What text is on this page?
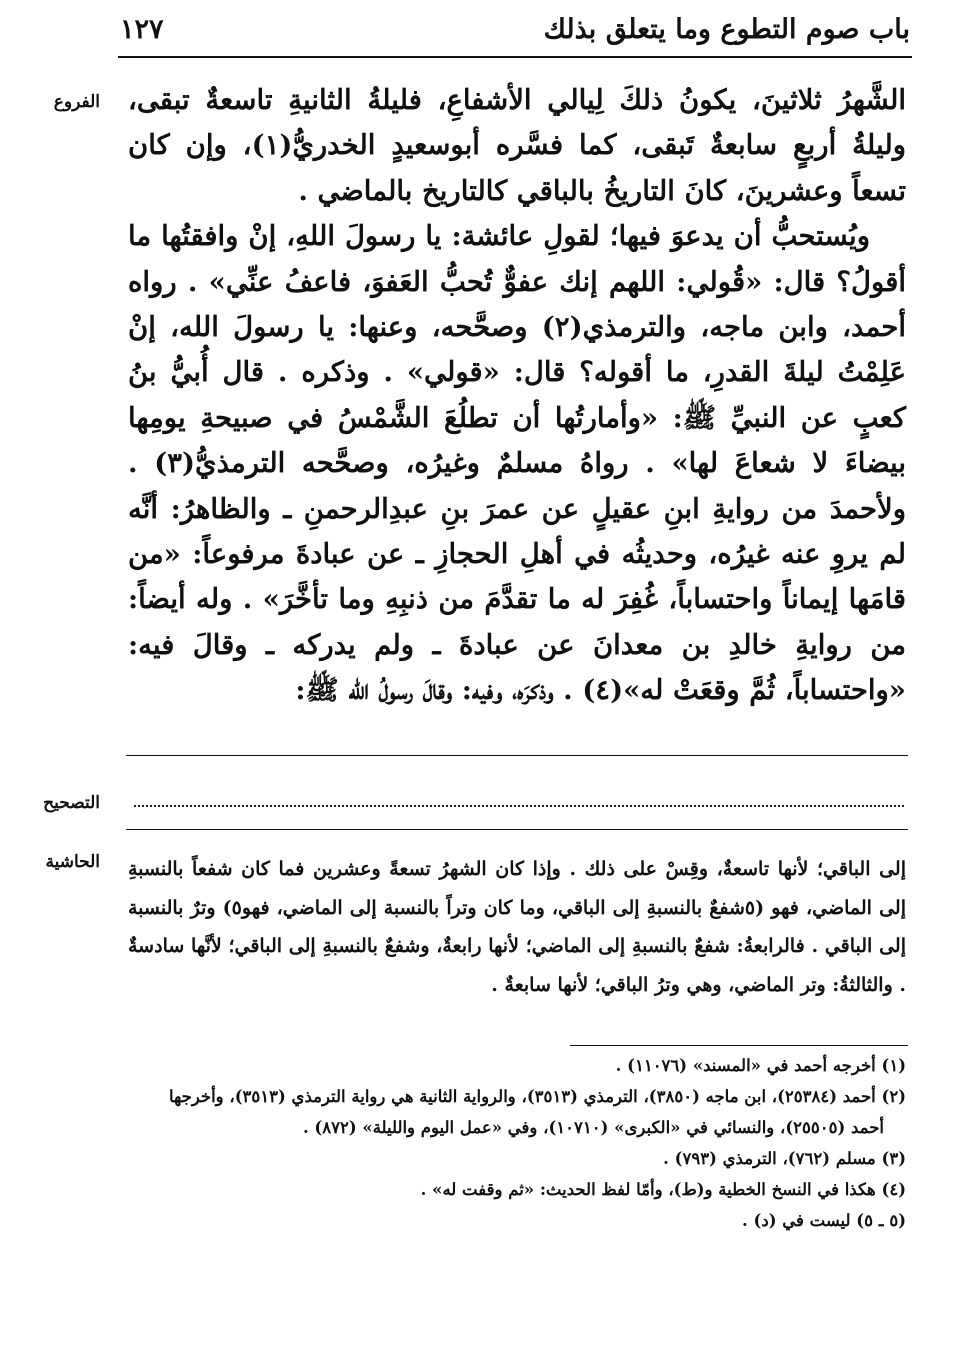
باب صوم التطوع وما يتعلق بذلك
١٢٧
الفروع الشَّهرُ ثلاثينَ، يكونُ ذلكَ لِيالي الأشفاعِ، فليلةُ الثانيةِ تاسعةٌ تبقى، وليلةُ أربعٍ سابعةٌ تَبقى، كما فسَّره أبوسعيدٍ الخدريُّ(١)، وإن كان تسعاً وعشرينَ، كانَ التاريخُ بالباقي كالتاريخ بالماضي .

ويُستحبُّ أن يدعوَ فيها؛ لقولِ عائشة: يا رسولَ اللهِ، إنْ وافقتُها ما أقولُ؟ قال: «قُولي: اللهم إنك عفوٌّ تُحبُّ العَفوَ، فاعفُ عنِّي» . رواه أحمد، وابن ماجه، والترمذي(٢) وصحَّحه، وعنها: يا رسولَ الله، إنْ عَلِمْتُ ليلةَ القدرِ، ما أقوله؟ قال: «قولي» . وذكره . قال أُبيُّ بنُ كعبٍ عن النبيِّ ﷺ: «وأمارتُها أن تطلُعَ الشَّمْسُ في صبيحةِ يومِها بيضاءَ لا شعاعَ لها» . رواهُ مسلمٌ وغيرُه، وصحَّحه الترمذيُّ(٣) . ولأحمدَ من روايةِ ابنِ عقيلٍ عن عمرَ بنِ عبدِالرحمنِ ـ والظاهرُ: أنَّه لم يروِ عنه غيرُه، وحديثُه في أهلِ الحجازِ ـ عن عبادةَ مرفوعاً: «من قامَها إيماناً واحتساباً، غُفِرَ له ما تقدَّمَ من ذنبِهِ وما تأخَّرَ» . وله أيضاً: من روايةِ خالدِ بن معدانَ عن عبادةَ ـ ولم يدركه ـ وقالَ فيه: «واحتساباً، ثُمَّ وقعَتْ له»(٤) . وذكرَه، وفيه: وقالَ رسولُ الله ﷺ:

التصحيح
الحاشية إلى الباقي؛ لأنها تاسعةٌ، وقِسْ على ذلك . وإذا كان الشهرُ تسعةً وعشرين فما كان شفعاً بالنسبةِ إلى الماضي، فهو (٥شفعٌ بالنسبةِ إلى الباقي، وما كان وتراً بالنسبة إلى الماضي، فهو٥) وترٌ بالنسبة إلى الباقي . فالرابعةُ: شفعٌ بالنسبةِ إلى الماضي؛ لأنها رابعةٌ، وشفعٌ بالنسبةِ إلى الباقي؛ لأنَّها سادسةٌ . والثالثةُ: وتر الماضي، وهي وترُ الباقي؛ لأنها سابعةٌ .

(١) أخرجه أحمد في «المسند» (١١٠٧٦) .

(٢) أحمد (٢٥٣٨٤)، ابن ماجه (٣٨٥٠)، الترمذي (٣٥١٣)، والرواية الثانية هي رواية الترمذي (٣٥١٣)، وأخرجها

أحمد (٢٥٥٠٥)، والنسائي في «الكبرى» (١٠٧١٠)، وفي «عمل اليوم والليلة» (٨٧٢) .

(٣) مسلم (٧٦٢)، الترمذي (٧٩٣) .

(٤) هكذا في النسخ الخطية و(ط)، وأمّا لفظ الحديث: «ثم وقفت له» .

(٥ ـ ٥) ليست في (د) .
